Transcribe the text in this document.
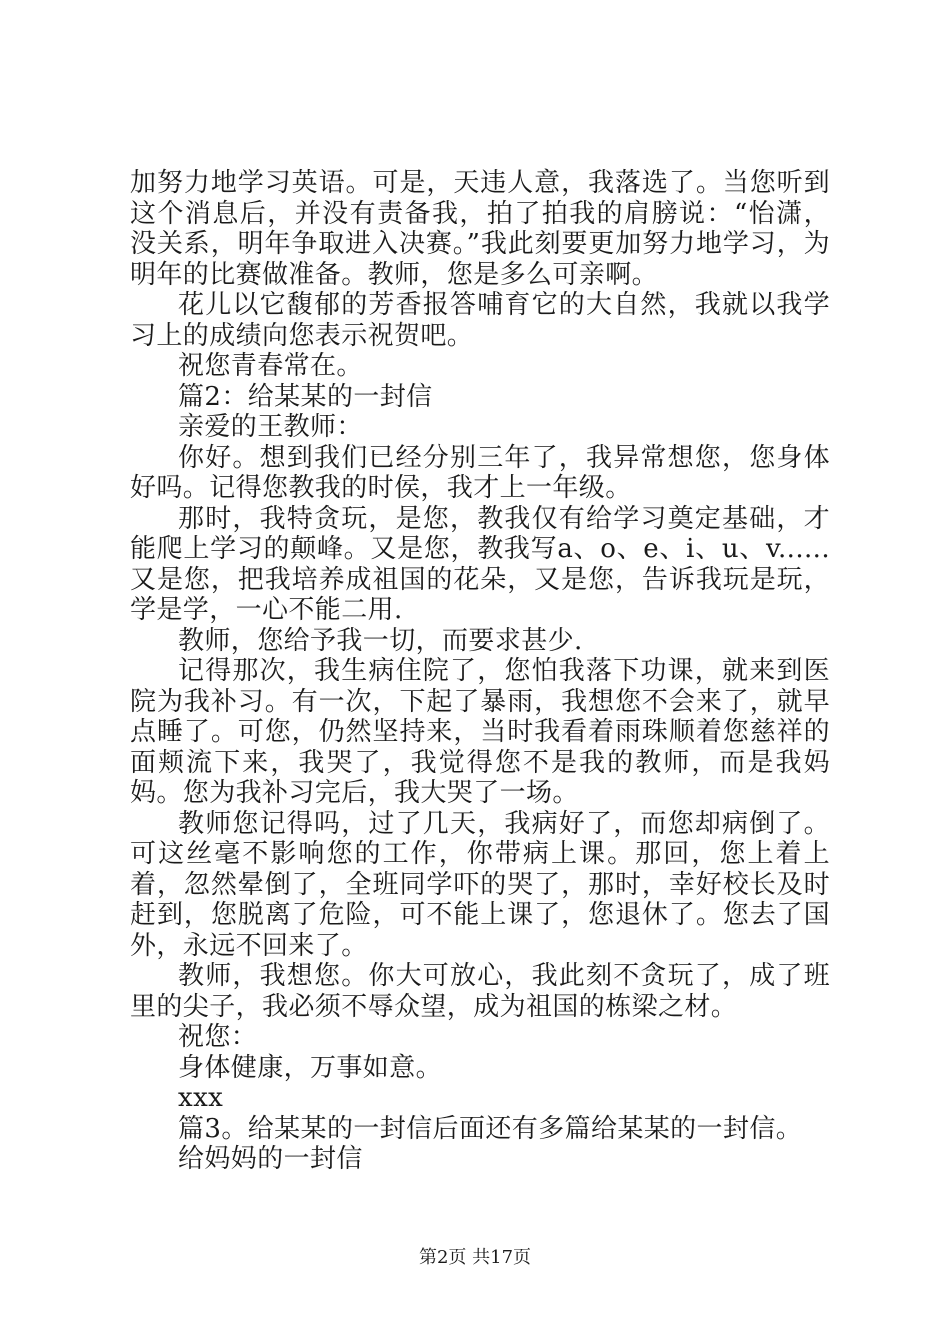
加努力地学习英语。可是，天违人意，我落选了。当您听到这个消息后，并没有责备我，拍了拍我的肩膀说：“怡潇，没关系，明年争取进入决赛。”我此刻要更加努力地学习，为明年的比赛做准备。教师，您是多么可亲啊。

花儿以它馥郁的芳香报答哺育它的大自然，我就以我学习上的成绩向您表示祝贺吧。

祝您青春常在。

篇2：给某某的一封信

亲爱的王教师：

你好。想到我们已经分别三年了，我异常想您，您身体好吗。记得您教我的时侯，我才上一年级。

那时，我特贪玩，是您，教我仅有给学习奠定基础，才能爬上学习的颠峰。又是您，教我写a、o、e、i、u、v......又是您，把我培养成祖国的花朵，又是您，告诉我玩是玩，学是学，一心不能二用.

教师，您给予我一切，而要求甚少.

记得那次，我生病住院了，您怕我落下功课，就来到医院为我补习。有一次，下起了暴雨，我想您不会来了，就早点睡了。可您，仍然坚持来，当时我看着雨珠顺着您慈祥的面颊流下来，我哭了，我觉得您不是我的教师，而是我妈妈。您为我补习完后，我大哭了一场。

教师您记得吗，过了几天，我病好了，而您却病倒了。可这丝毫不影响您的工作，你带病上课。那回，您上着上着，忽然晕倒了，全班同学吓的哭了，那时，幸好校长及时赶到，您脱离了危险，可不能上课了，您退休了。您去了国外，永远不回来了。

教师，我想您。你大可放心，我此刻不贪玩了，成了班里的尖子，我必须不辱众望，成为祖国的栋梁之材。

祝您：

身体健康，万事如意。

xxx

篇3。给某某的一封信后面还有多篇给某某的一封信。

给妈妈的一封信

第2页 共17页
